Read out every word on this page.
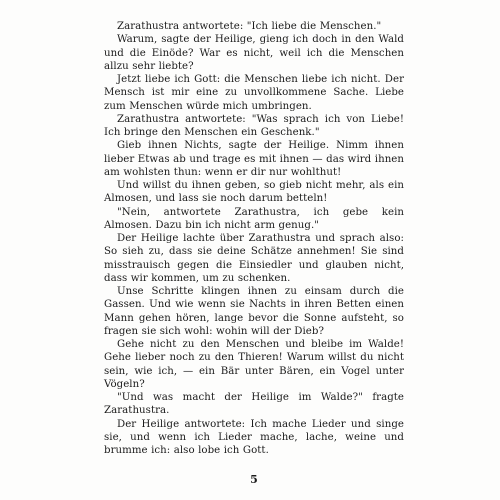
Zarathustra antwortete: "Ich liebe die Menschen."

Warum, sagte der Heilige, gieng ich doch in den Wald und die Einöde? War es nicht, weil ich die Menschen allzu sehr liebte?

Jetzt liebe ich Gott: die Menschen liebe ich nicht. Der Mensch ist mir eine zu unvollkommene Sache. Liebe zum Menschen würde mich umbringen.

Zarathustra antwortete: "Was sprach ich von Liebe! Ich bringe den Menschen ein Geschenk."

Gieb ihnen Nichts, sagte der Heilige. Nimm ihnen lieber Etwas ab und trage es mit ihnen — das wird ihnen am wohlsten thun: wenn er dir nur wohlthut!

Und willst du ihnen geben, so gieb nicht mehr, als ein Almosen, und lass sie noch darum betteln!

"Nein, antwortete Zarathustra, ich gebe kein Almosen. Dazu bin ich nicht arm genug."

Der Heilige lachte über Zarathustra und sprach also: So sieh zu, dass sie deine Schätze annehmen! Sie sind misstrauisch gegen die Einsiedler und glauben nicht, dass wir kommen, um zu schenken.

Unse Schritte klingen ihnen zu einsam durch die Gassen. Und wie wenn sie Nachts in ihren Betten einen Mann gehen hören, lange bevor die Sonne aufsteht, so fragen sie sich wohl: wohin will der Dieb?

Gehe nicht zu den Menschen und bleibe im Walde! Gehe lieber noch zu den Thieren! Warum willst du nicht sein, wie ich, — ein Bär unter Bären, ein Vogel unter Vögeln?

"Und was macht der Heilige im Walde?" fragte Zarathustra.

Der Heilige antwortete: Ich mache Lieder und singe sie, und wenn ich Lieder mache, lache, weine und brumme ich: also lobe ich Gott.

5
